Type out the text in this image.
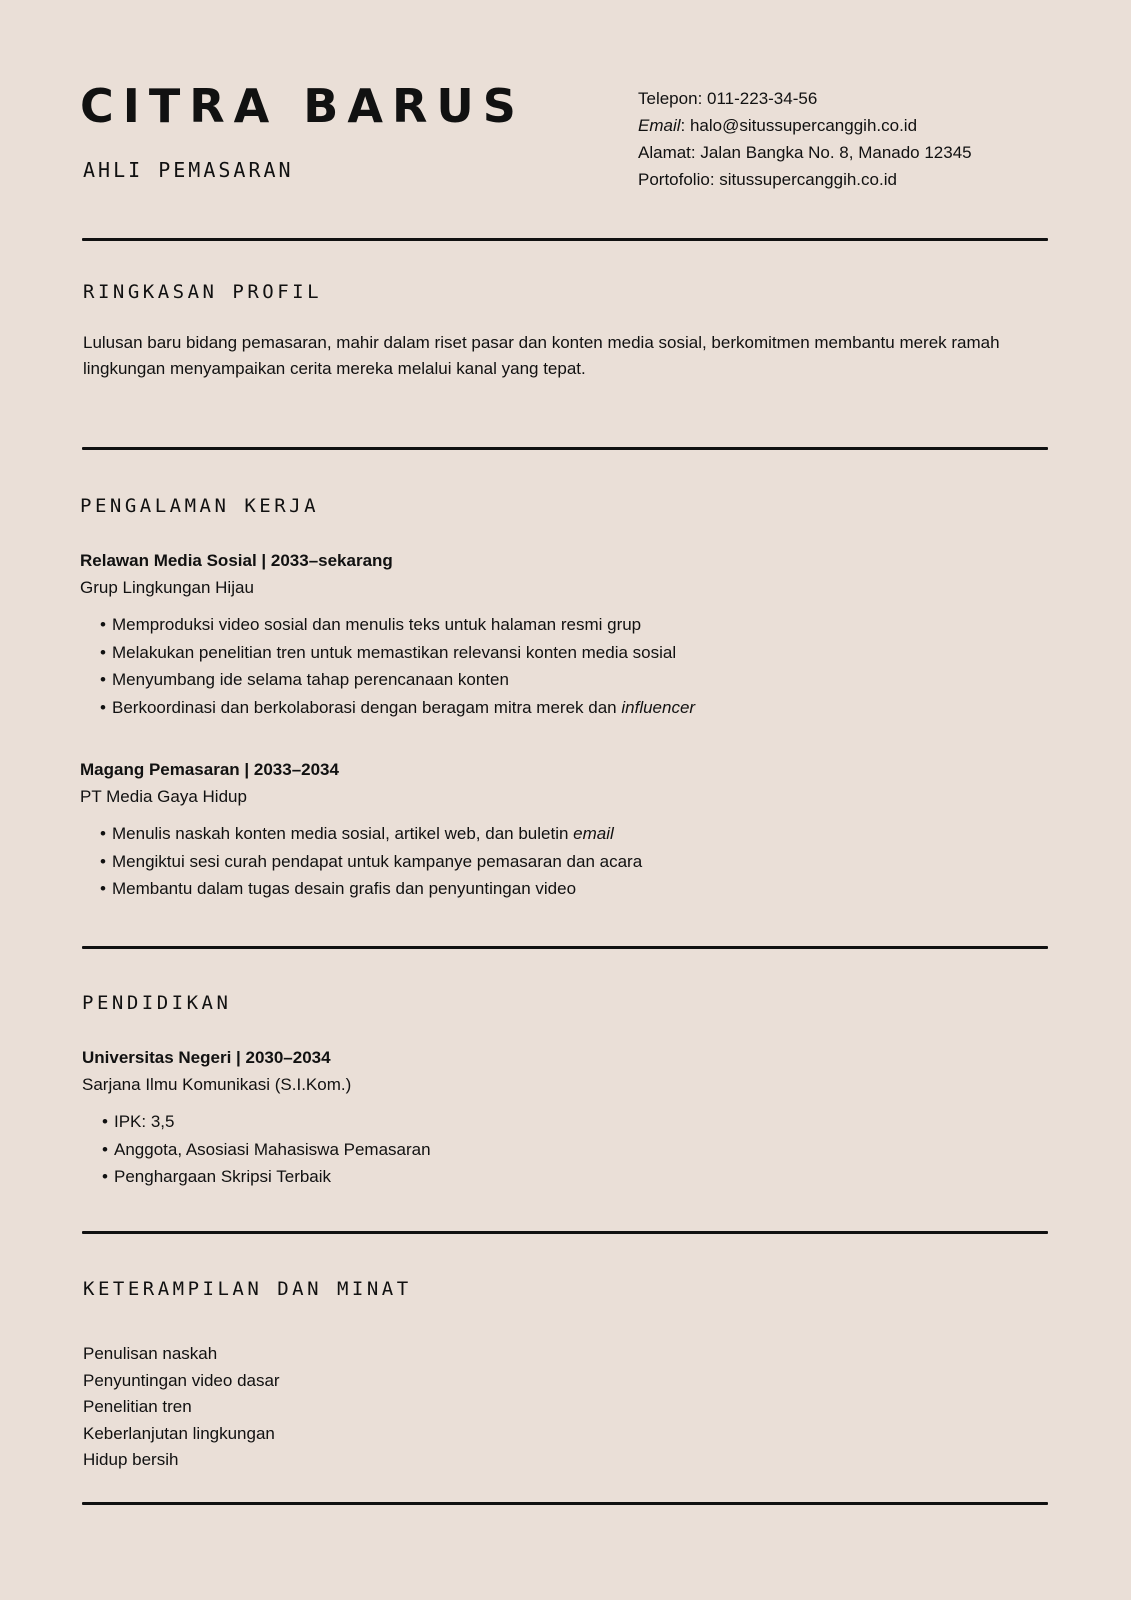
CITRA BARUS

AHLI PEMASARAN

Telepon: 011-223-34-56
Email: halo@situssupercanggih.co.id
Alamat: Jalan Bangka No. 8, Manado 12345
Portofolio: situssupercanggih.co.id
RINGKASAN PROFIL

Lulusan baru bidang pemasaran, mahir dalam riset pasar dan konten media sosial, berkomitmen membantu merek ramah lingkungan menyampaikan cerita mereka melalui kanal yang tepat.

PENGALAMAN KERJA

Relawan Media Sosial | 2033–sekarang

Grup Lingkungan Hijau

• Memproduksi video sosial dan menulis teks untuk halaman resmi grup
• Melakukan penelitian tren untuk memastikan relevansi konten media sosial
• Menyumbang ide selama tahap perencanaan konten
• Berkoordinasi dan berkolaborasi dengan beragam mitra merek dan influencer

Magang Pemasaran | 2033–2034

PT Media Gaya Hidup

• Menulis naskah konten media sosial, artikel web, dan buletin email
• Mengiktui sesi curah pendapat untuk kampanye pemasaran dan acara
• Membantu dalam tugas desain grafis dan penyuntingan video
PENDIDIKAN

Universitas Negeri | 2030–2034

Sarjana Ilmu Komunikasi (S.I.Kom.)

• IPK: 3,5
• Anggota, Asosiasi Mahasiswa Pemasaran
• Penghargaan Skripsi Terbaik
KETERAMPILAN DAN MINAT
Penulisan naskah
Penyuntingan video dasar
Penelitian tren
Keberlanjutan lingkungan
Hidup bersih
